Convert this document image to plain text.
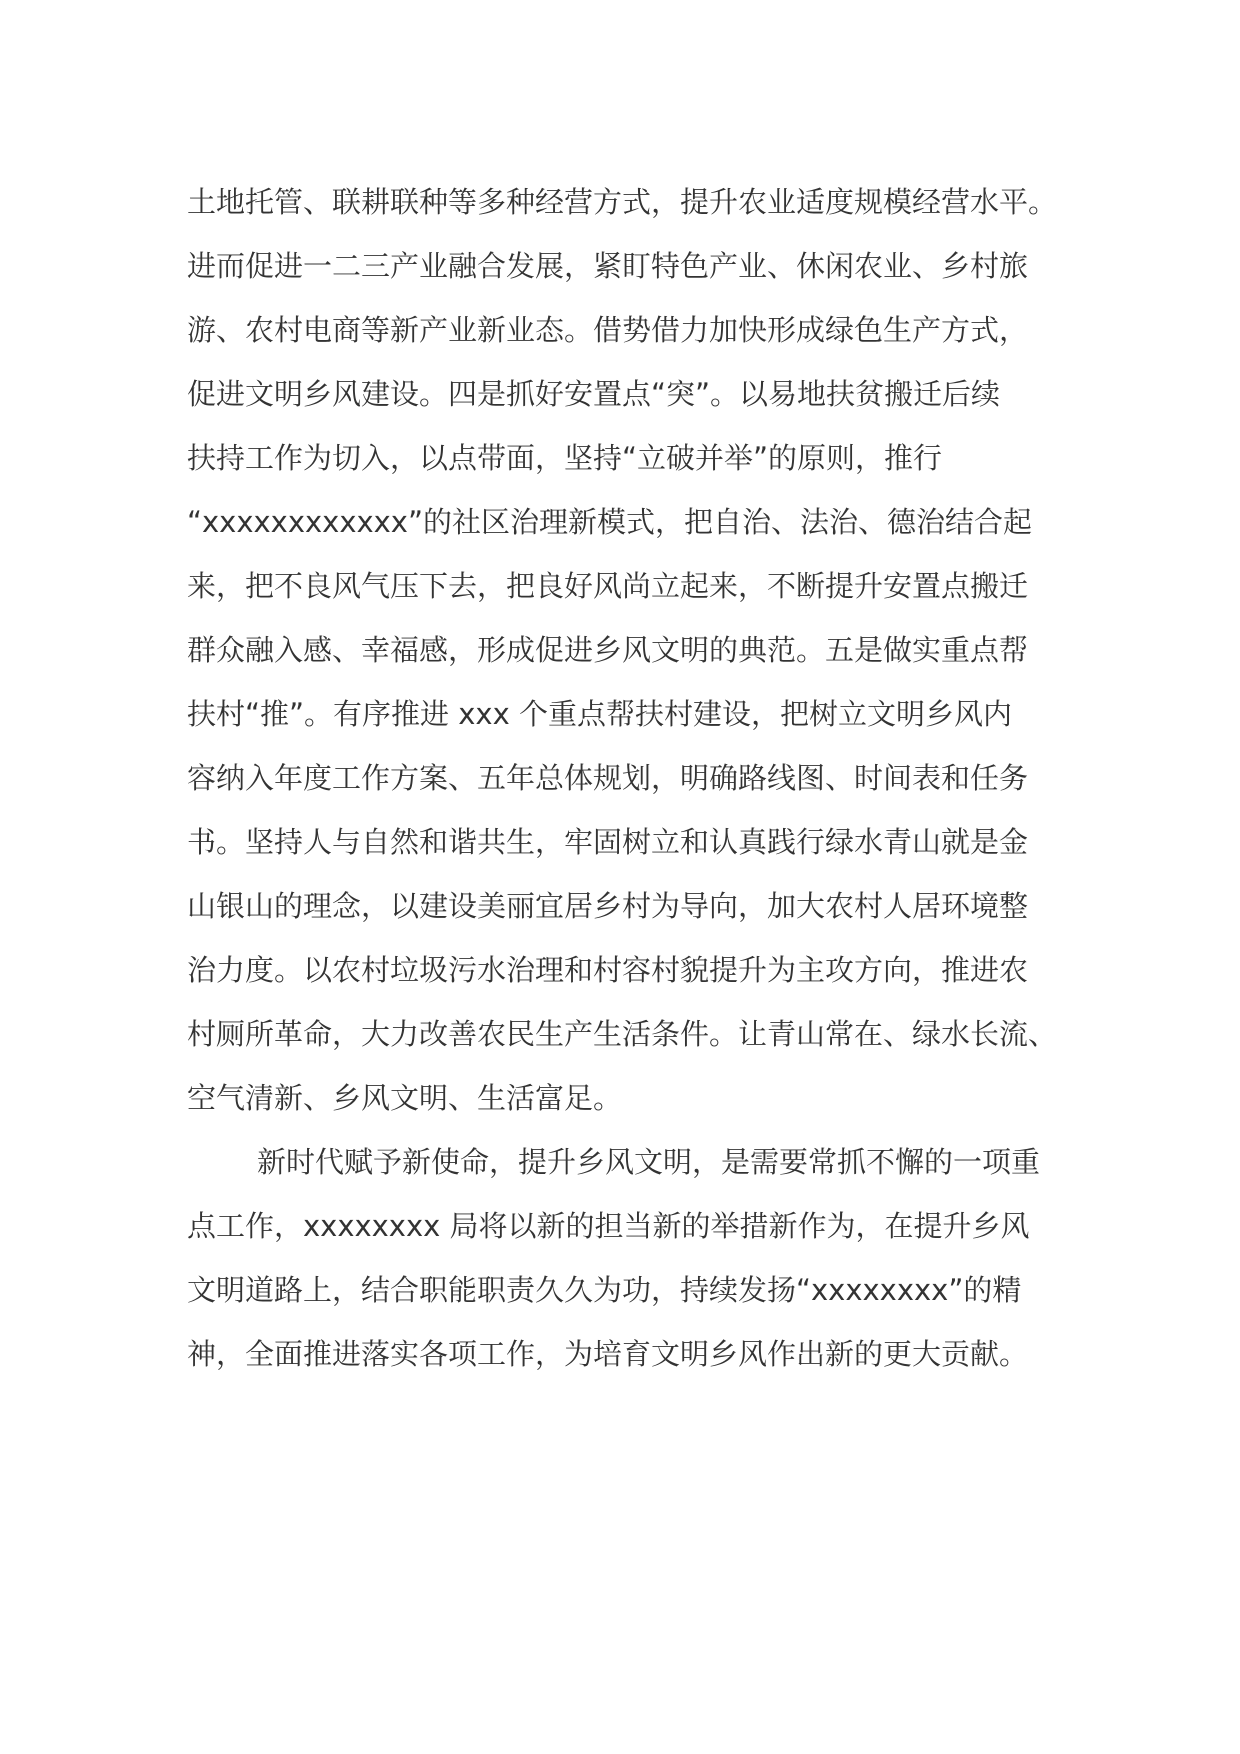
土地托管、联耕联种等多种经营方式，提升农业适度规模经营水平。
进而促进一二三产业融合发展，紧盯特色产业、休闲农业、乡村旅
游、农村电商等新产业新业态。借势借力加快形成绿色生产方式，
促进文明乡风建设。四是抓好安置点“突”。以易地扶贫搬迁后续
扶持工作为切入，以点带面，坚持“立破并举”的原则，推行
“xxxxxxxxxxxx”的社区治理新模式，把自治、法治、德治结合起
来，把不良风气压下去，把良好风尚立起来，不断提升安置点搬迁
群众融入感、幸福感，形成促进乡风文明的典范。五是做实重点帮
扶村“推”。有序推进 xxx 个重点帮扶村建设，把树立文明乡风内
容纳入年度工作方案、五年总体规划，明确路线图、时间表和任务
书。坚持人与自然和谐共生，牢固树立和认真践行绿水青山就是金
山银山的理念，以建设美丽宜居乡村为导向，加大农村人居环境整
治力度。以农村垃圾污水治理和村容村貌提升为主攻方向，推进农
村厕所革命，大力改善农民生产生活条件。让青山常在、绿水长流、
空气清新、乡风文明、生活富足。
新时代赋予新使命，提升乡风文明，是需要常抓不懈的一项重
点工作，xxxxxxxx 局将以新的担当新的举措新作为，在提升乡风
文明道路上，结合职能职责久久为功，持续发扬“xxxxxxxx”的精
神，全面推进落实各项工作，为培育文明乡风作出新的更大贡献。
